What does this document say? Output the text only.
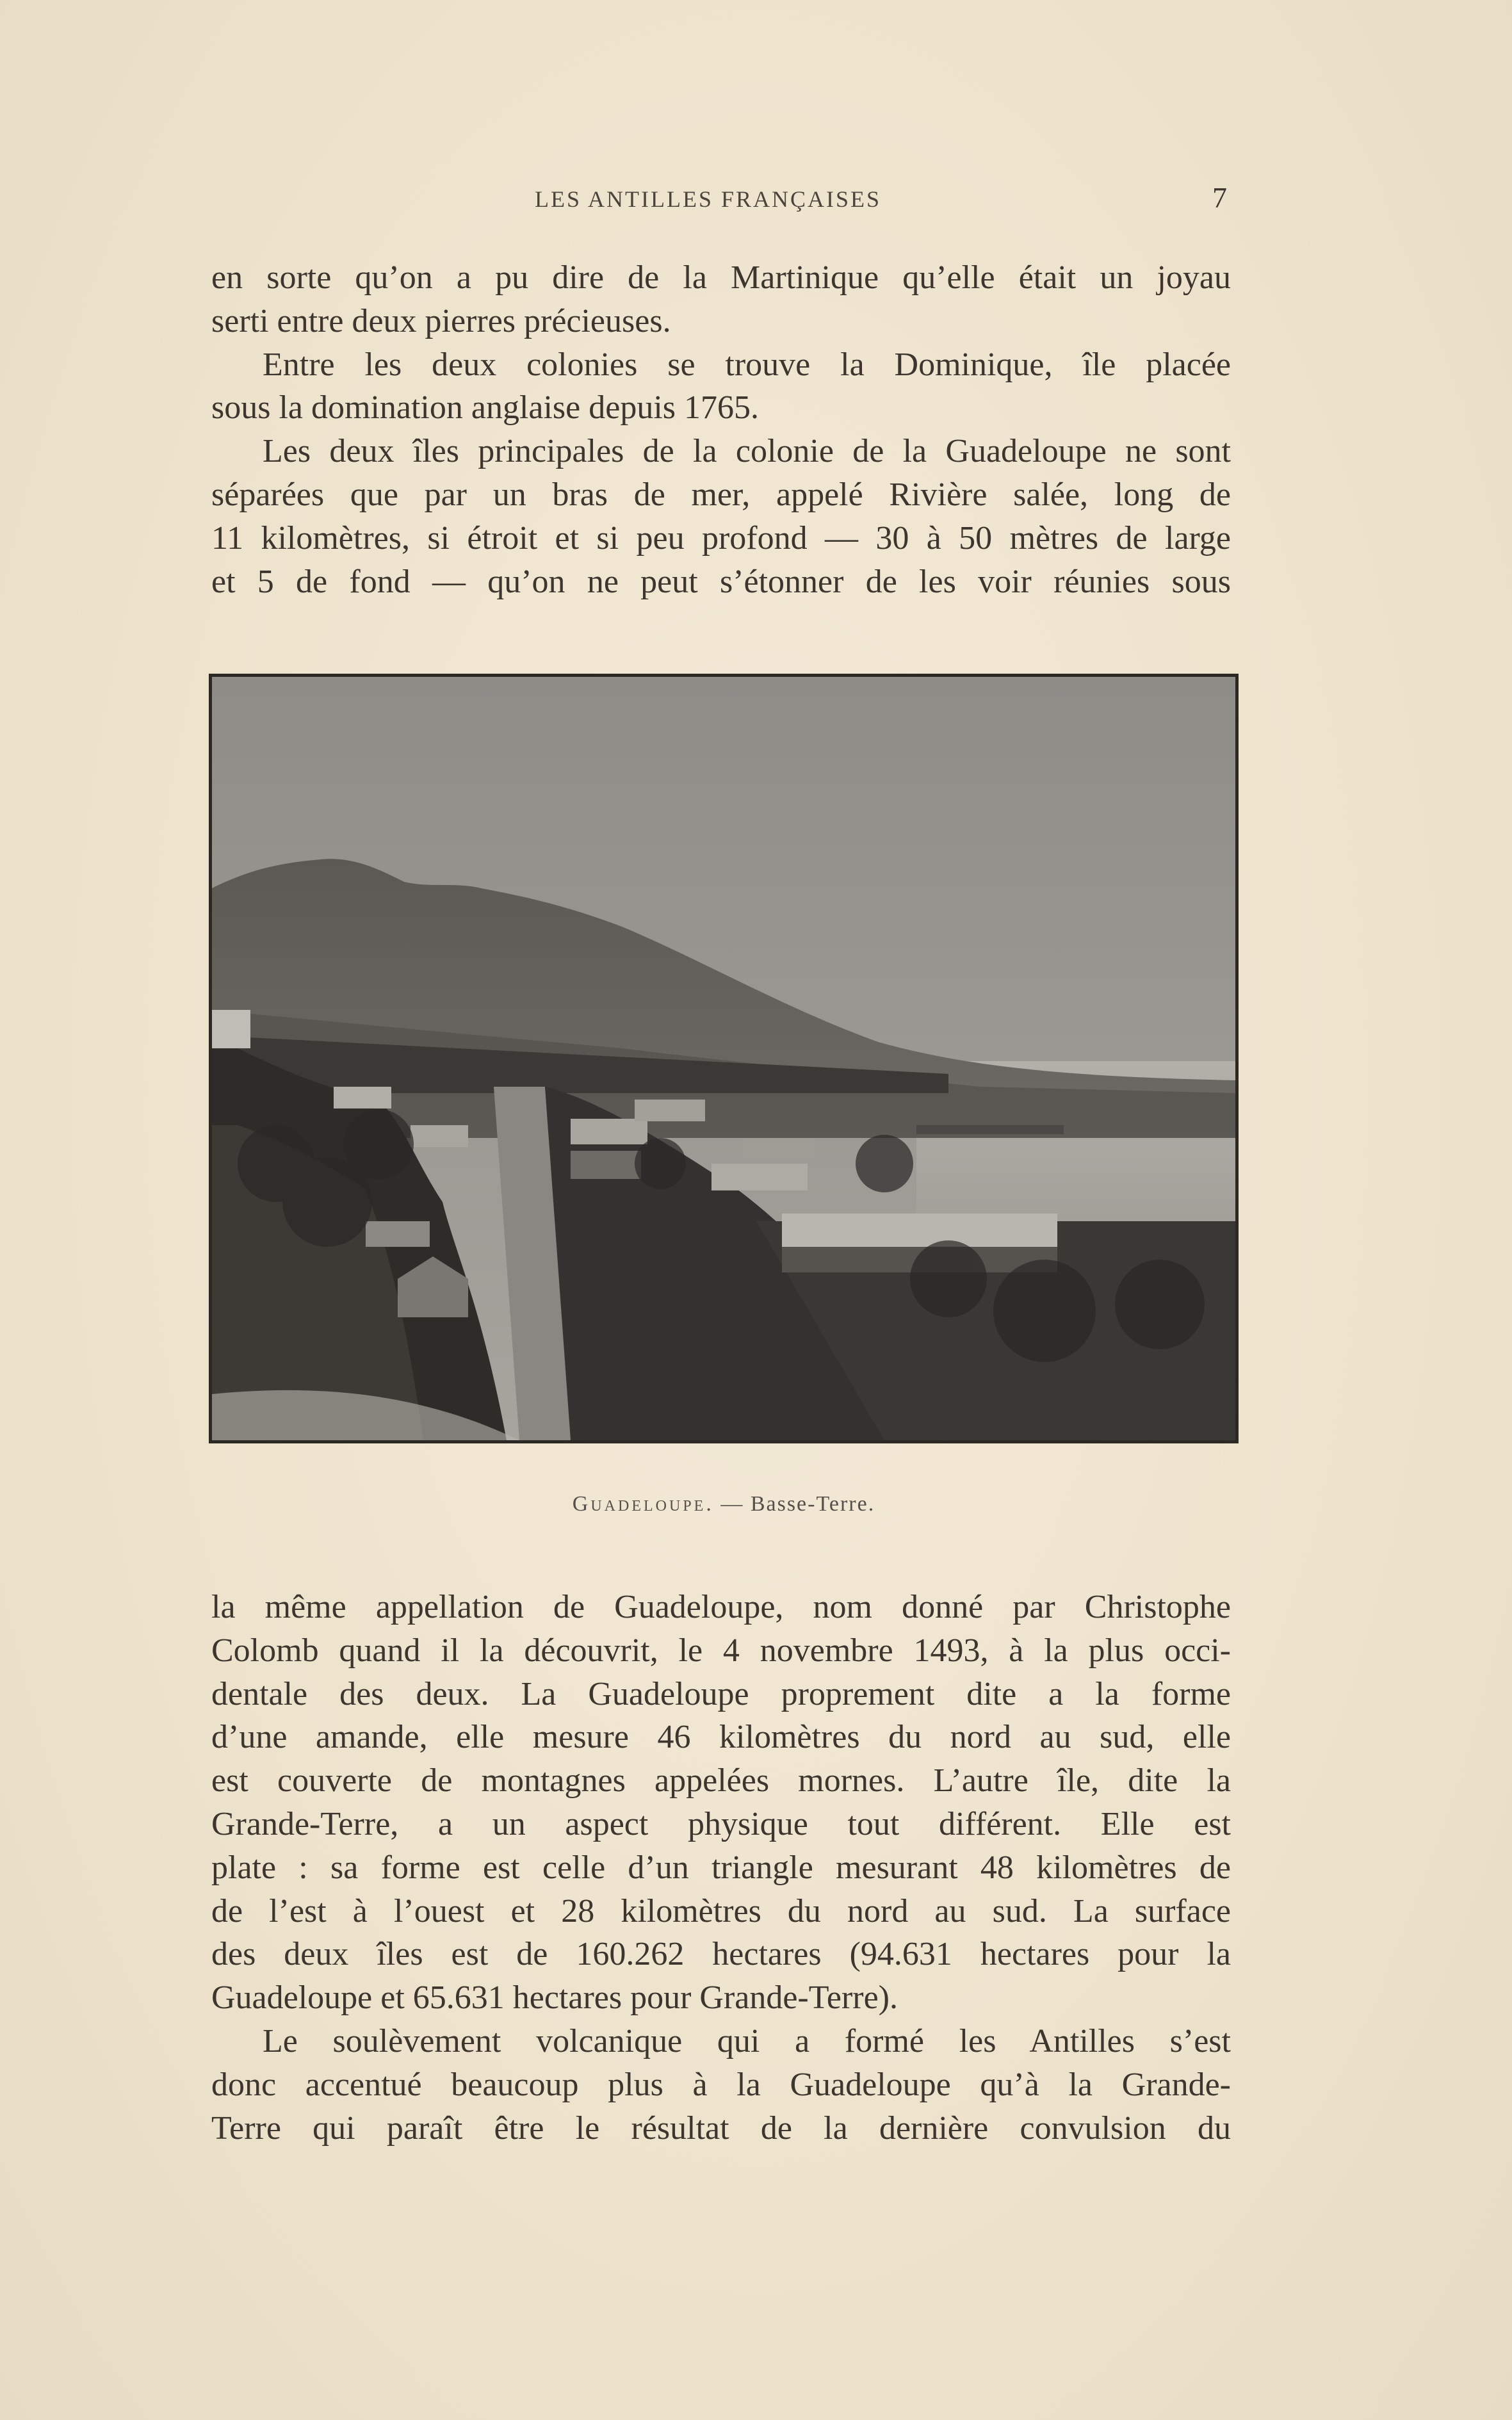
LES ANTILLES FRANÇAISES	7
en sorte qu’on a pu dire de la Martinique qu’elle était un joyau
serti entre deux pierres précieuses.
Entre les deux colonies se trouve la Dominique, île placée
sous la domination anglaise depuis 1765.
Les deux îles principales de la colonie de la Guadeloupe ne sont
séparées que par un bras de mer, appelé Rivière salée, long de
11 kilomètres, si étroit et si peu profond — 30 à 50 mètres de large
et 5 de fond — qu’on ne peut s’étonner de les voir réunies sous
Guadeloupe. — Basse-Terre.
la même appellation de Guadeloupe, nom donné par Christophe
Colomb quand il la découvrit, le 4 novembre 1493, à la plus occi-
dentale des deux. La Guadeloupe proprement dite a la forme
d’une amande, elle mesure 46 kilomètres du nord au sud, elle
est couverte de montagnes appelées mornes. L’autre île, dite la
Grande-Terre, a un aspect physique tout différent. Elle est
plate : sa forme est celle d’un triangle mesurant 48 kilomètres de
de l’est à l’ouest et 28 kilomètres du nord au sud. La surface
des deux îles est de 160.262 hectares (94.631 hectares pour la
Guadeloupe et 65.631 hectares pour Grande-Terre).
Le soulèvement volcanique qui a formé les Antilles s’est
donc accentué beaucoup plus à la Guadeloupe qu’à la Grande-
Terre qui paraît être le résultat de la dernière convulsion du
